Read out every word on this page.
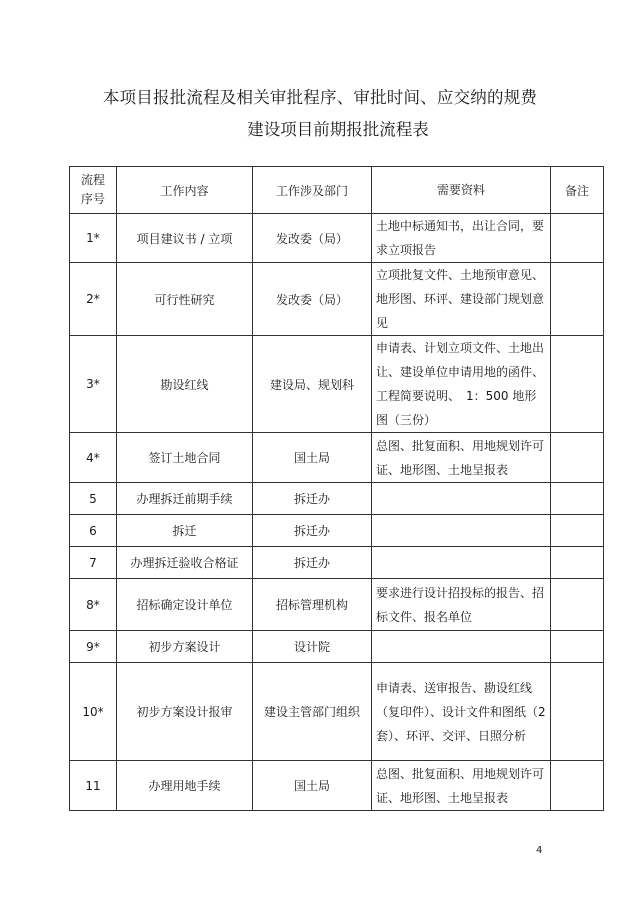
本项目报批流程及相关审批程序、审批时间、应交纳的规费
建设项目前期报批流程表
流程
序号	工作内容	工作涉及部门	需要资料	备注
1*	项目建议书 / 立项	发改委（局）	土地中标通知书，出让合同，要求立项报告	
2*	可行性研究	发改委（局）	立项批复文件、土地预审意见、地形图、环评、建设部门规划意见	
3*	勘设红线	建设局、规划科	申请表、计划立项文件、土地出让、建设单位申请用地的函件、工程简要说明、　1：500 地形图（三份）	
4*	签订土地合同	国土局	总图、批复面积、用地规划许可证、地形图、土地呈报表	
5	办理拆迁前期手续	拆迁办		
6	拆迁	拆迁办		
7	办理拆迁验收合格证	拆迁办		
8*	招标确定设计单位	招标管理机构	要求进行设计招投标的报告、招标文件、报名单位	
9*	初步方案设计	设计院		
10*	初步方案设计报审	建设主管部门组织	申请表、送审报告、勘设红线（复印件）、设计文件和图纸（2 套）、环评、交评、日照分析	
11	办理用地手续	国土局	总图、批复面积、用地规划许可证、地形图、土地呈报表	
4
